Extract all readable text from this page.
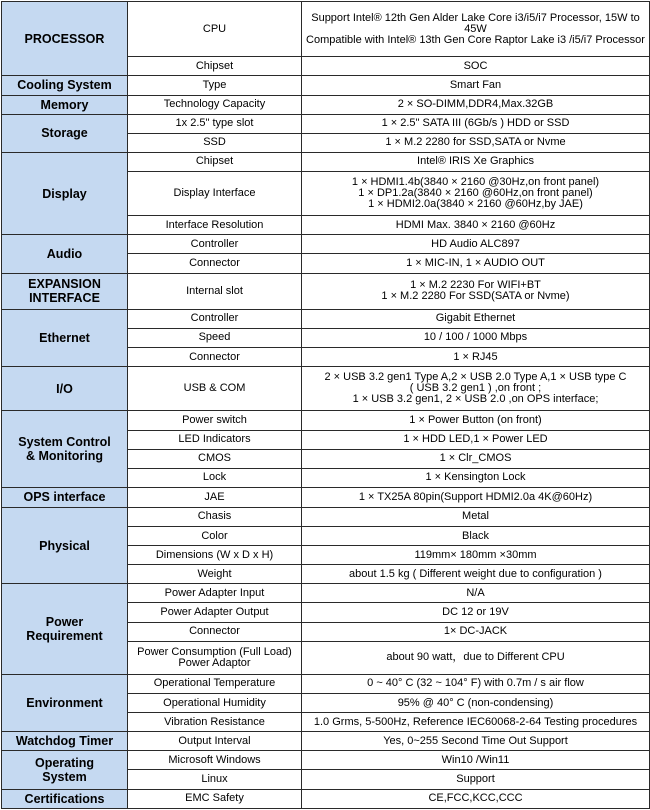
PROCESSOR	CPU	Support Intel® 12th Gen Alder Lake Core i3/i5/i7 Processor, 15W to 45W
Compatible with Intel® 13th Gen Core Raptor Lake i3 /i5/i7 Processor
	Chipset	SOC
Cooling System	Type	Smart Fan
Memory	Technology Capacity	2 × SO-DIMM,DDR4,Max.32GB
Storage	1x 2.5" type slot	1 × 2.5" SATA III (6Gb/s ) HDD or SSD
	SSD	1 × M.2 2280 for SSD,SATA or Nvme
Display	Chipset	Intel® IRIS Xe Graphics
	Display Interface	1 × HDMI1.4b(3840 × 2160 @30Hz,on front panel)
1 × DP1.2a(3840 × 2160 @60Hz,on front panel)
1 × HDMI2.0a(3840 × 2160 @60Hz,by JAE)
	Interface Resolution	HDMI Max. 3840 × 2160 @60Hz
Audio	Controller	HD Audio ALC897
	Connector	1 × MIC-IN, 1 × AUDIO OUT
EXPANSION
INTERFACE	Internal slot	1 × M.2 2230 For WIFI+BT
1 × M.2 2280 For SSD(SATA or Nvme)
Ethernet	Controller	Gigabit Ethernet
	Speed	10 / 100 / 1000 Mbps
	Connector	1 × RJ45
I/O	USB & COM	2 × USB 3.2 gen1 Type A,2 × USB 2.0 Type A,1 × USB type C
( USB 3.2 gen1 ) ,on front ;
1 × USB 3.2 gen1, 2 × USB 2.0 ,on OPS interface;
System Control
& Monitoring	Power switch	1 × Power Button (on front)
	LED Indicators	1 × HDD LED,1 × Power LED
	CMOS	1 × Clr_CMOS
	Lock	1 × Kensington Lock
OPS interface	JAE	1 × TX25A 80pin(Support HDMI2.0a 4K@60Hz)
Physical	Chasis	Metal
	Color	Black
	Dimensions (W x D x H)	119mm× 180mm ×30mm
	Weight	about 1.5 kg ( Different weight due to configuration )
Power
Requirement	Power Adapter Input	N/A
	Power Adapter Output	DC 12 or 19V
	Connector	1× DC-JACK
	Power Consumption (Full Load)
Power Adaptor	about 90 watt，due to Different CPU
Environment	Operational Temperature	0 ~ 40° C (32 ~ 104° F) with 0.7m / s air flow
	Operational Humidity	95% @ 40° C (non-condensing)
	Vibration Resistance	1.0 Grms, 5-500Hz, Reference IEC60068-2-64 Testing procedures
Watchdog Timer	Output Interval	Yes, 0~255 Second Time Out Support
Operating
System	Microsoft Windows	Win10 /Win11
	Linux	Support
Certifications	EMC Safety	CE,FCC,KCC,CCC
